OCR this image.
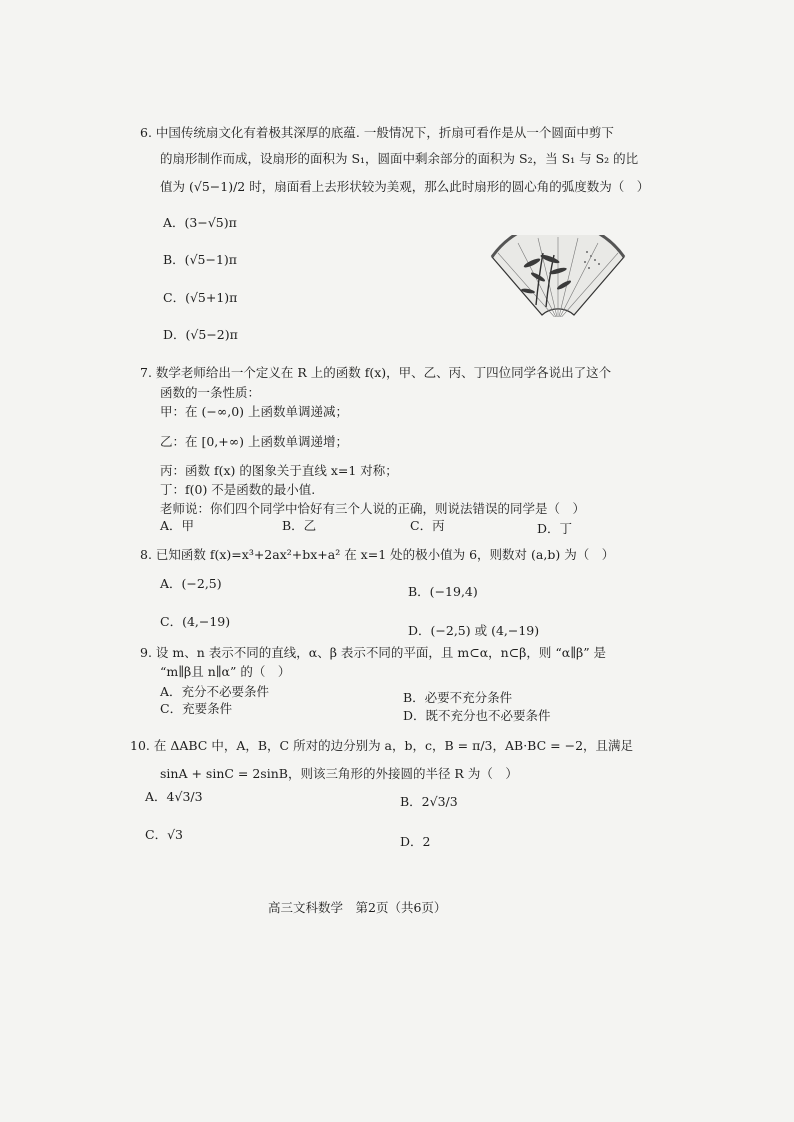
6. 中国传统扇文化有着极其深厚的底蕴. 一般情况下，折扇可看作是从一个圆面中剪下
的扇形制作而成，设扇形的面积为 S₁，圆面中剩余部分的面积为 S₂，当 S₁ 与 S₂ 的比
值为 (√5−1)/2 时，扇面看上去形状较为美观，那么此时扇形的圆心角的弧度数为（　）
A．(3−√5)π
B．(√5−1)π
C．(√5+1)π
D．(√5−2)π
7. 数学老师给出一个定义在 R 上的函数 f(x)，甲、乙、丙、丁四位同学各说出了这个
函数的一条性质：
甲：在 (−∞,0) 上函数单调递减；
乙：在 [0,+∞) 上函数单调递增；
丙：函数 f(x) 的图象关于直线 x=1 对称；
丁：f(0) 不是函数的最小值.
老师说：你们四个同学中恰好有三个人说的正确，则说法错误的同学是（　）
A．甲	B．乙	C．丙	D．丁
8. 已知函数 f(x)=x³+2ax²+bx+a² 在 x=1 处的极小值为 6，则数对 (a,b) 为（　）
A．(−2,5)
B．(−19,4)
C．(4,−19)
D．(−2,5) 或 (4,−19)
9. 设 m、n 表示不同的直线，α、β 表示不同的平面，且 m⊂α，n⊂β，则 “α∥β” 是
“m∥β且 n∥α” 的（　）
A．充分不必要条件	B．必要不充分条件
C．充要条件	D．既不充分也不必要条件
10. 在 ΔABC 中，A，B，C 所对的边分别为 a，b，c，B = π/3，AB·BC = −2，且满足
sinA + sinC = 2sinB，则该三角形的外接圆的半径 R 为（　）
A．4√3/3	B．2√3/3
C．√3	D．2
高三文科数学　第2页（共6页）
